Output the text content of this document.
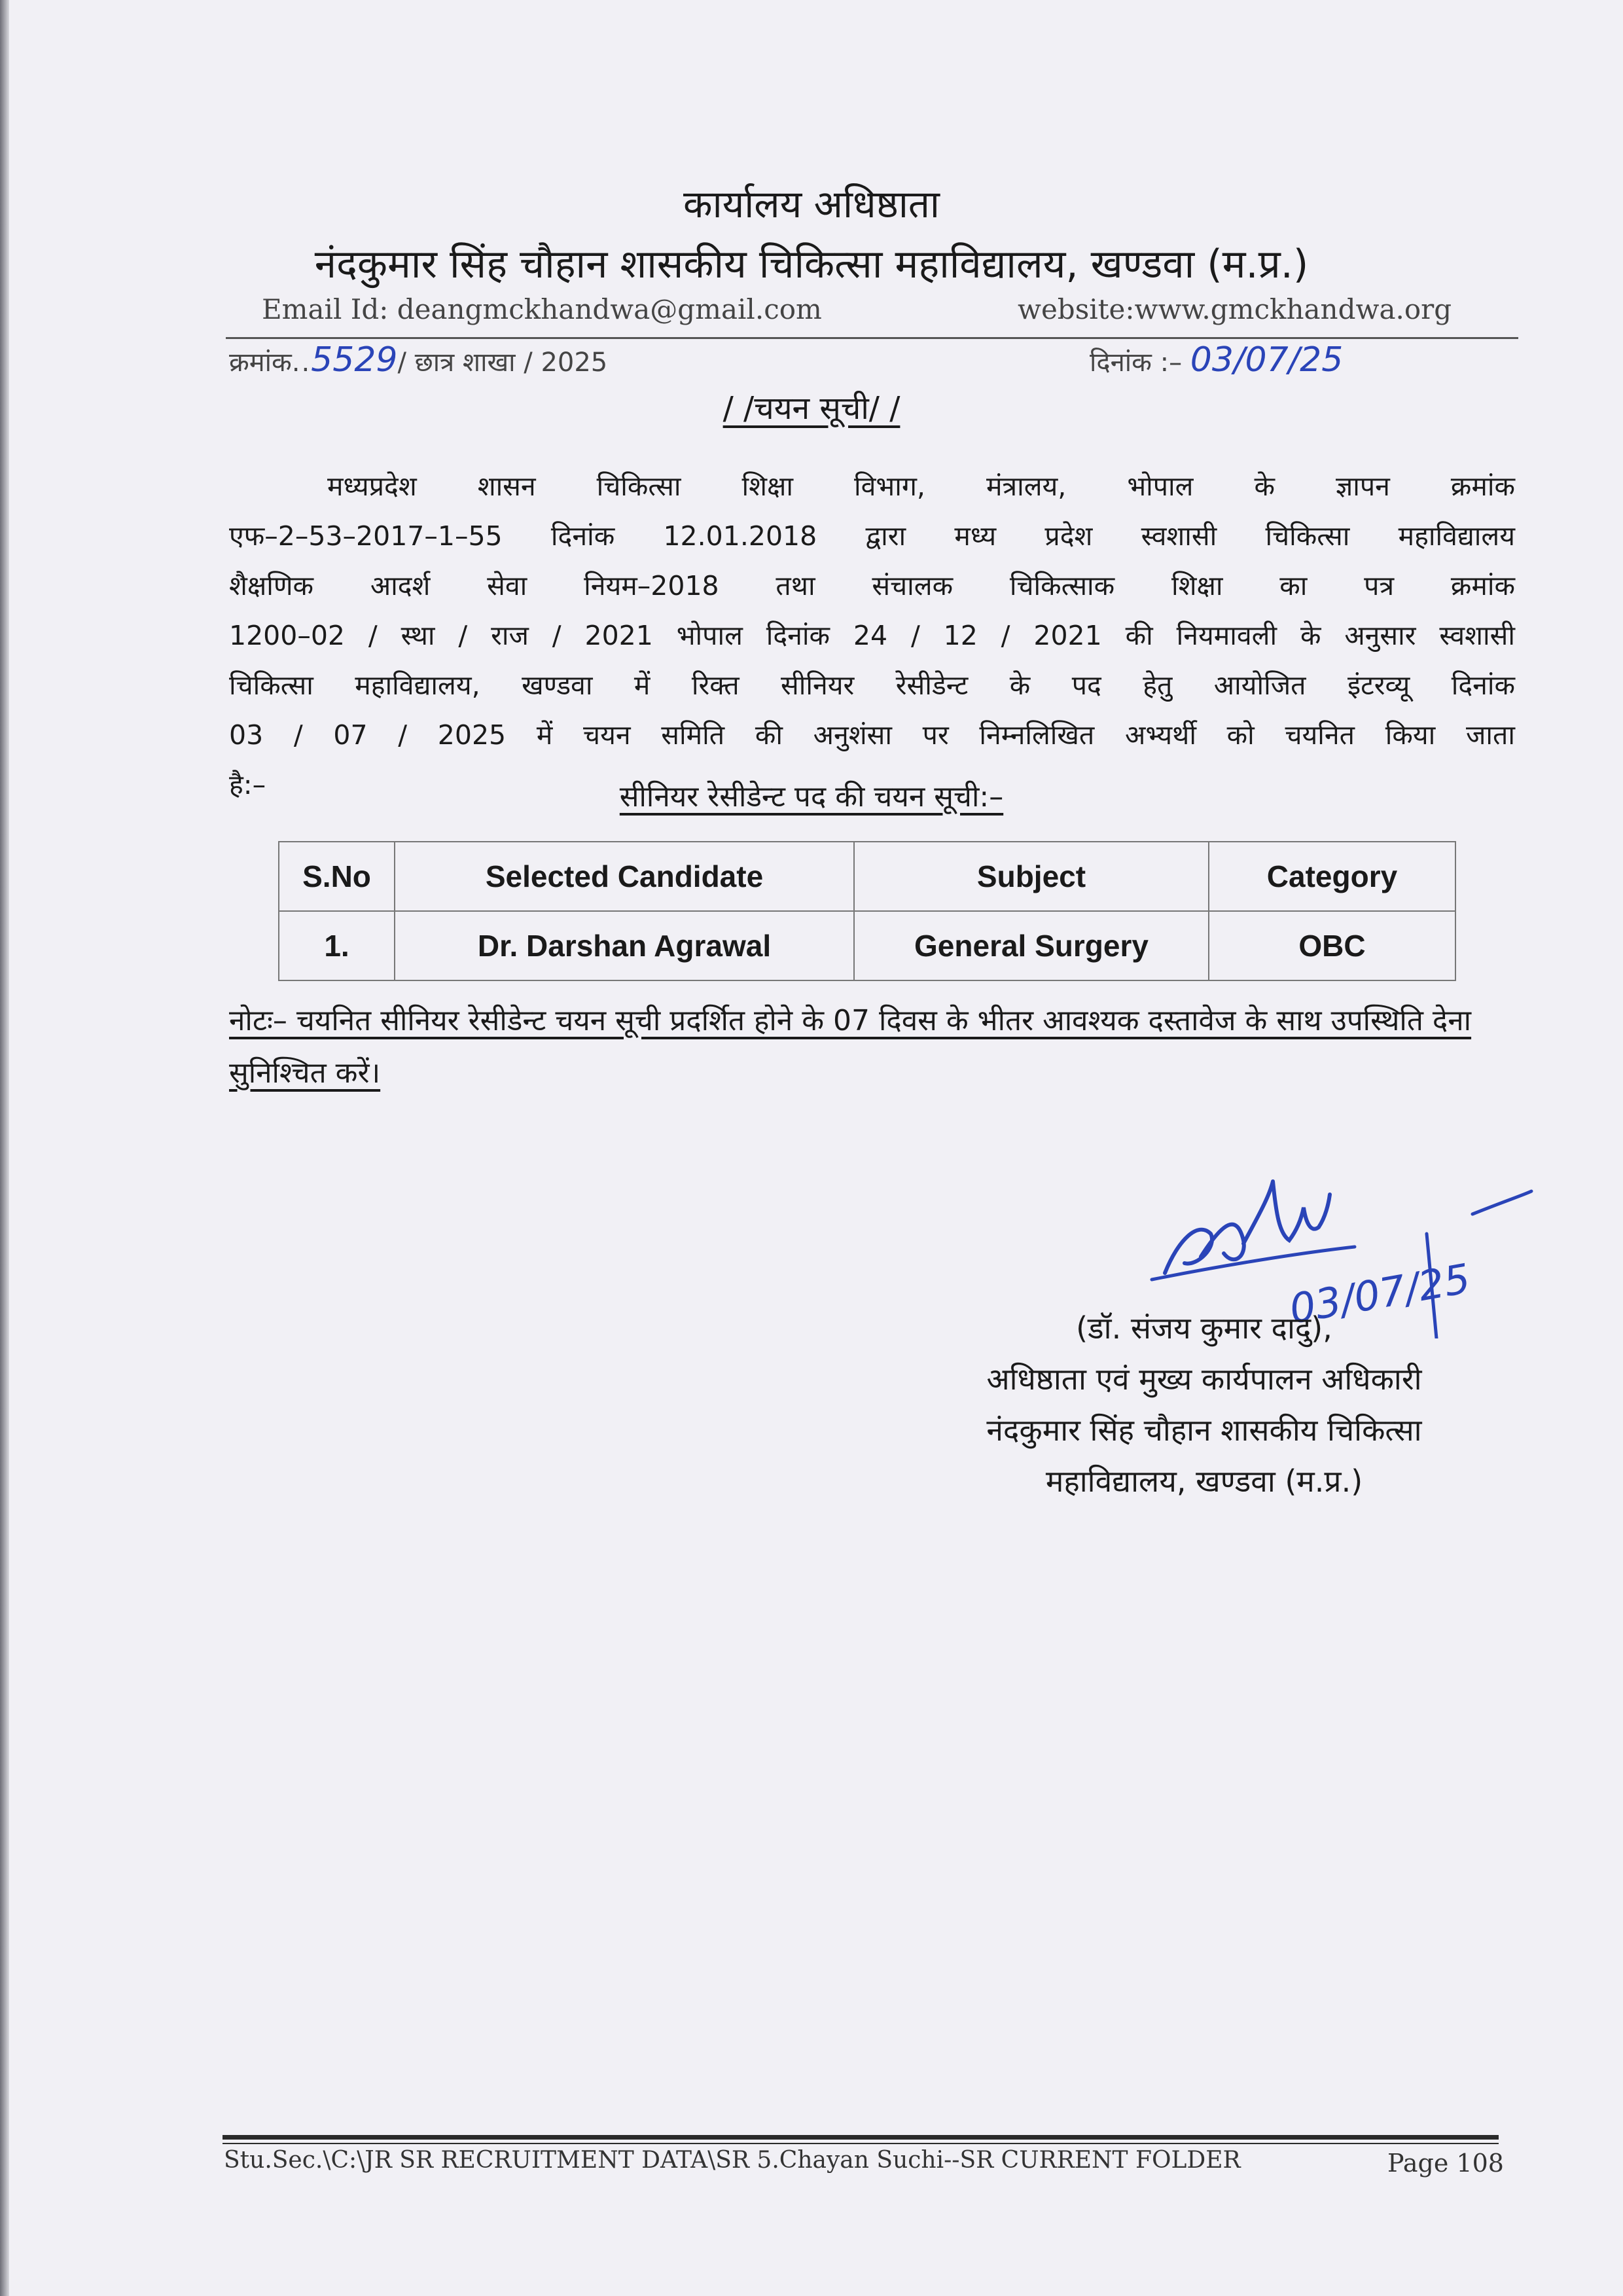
कार्यालय अधिष्ठाता
नंदकुमार सिंह चौहान शासकीय चिकित्सा महाविद्यालय, खण्डवा (म.प्र.)
Email Id: deangmckhandwa@gmail.com	website:www.gmckhandwa.org
क्रमांक..5529/ छात्र शाखा / 2025	दिनांक :– 03/07/25
/ /चयन सूची/ /
मध्यप्रदेश शासन चिकित्सा शिक्षा विभाग, मंत्रालय, भोपाल के ज्ञापन क्रमांक
एफ–2–53–2017–1–55 दिनांक 12.01.2018 द्वारा मध्य प्रदेश स्वशासी चिकित्सा महाविद्यालय
शैक्षणिक आदर्श सेवा नियम–2018 तथा संचालक चिकित्साक शिक्षा का पत्र क्रमांक
1200–02 / स्था / राज / 2021 भोपाल दिनांक 24 / 12 / 2021 की नियमावली के अनुसार स्वशासी
चिकित्सा महाविद्यालय, खण्डवा में रिक्त सीनियर रेसीडेन्ट के पद हेतु आयोजित इंटरव्यू दिनांक
03 / 07 / 2025 में चयन समिति की अनुशंसा पर निम्नलिखित अभ्यर्थी को चयनित किया जाता
है:–	सीनियर रेसीडेन्ट पद की चयन सूची:–
S.No	Selected Candidate	Subject	Category
1.	Dr. Darshan Agrawal	General Surgery	OBC
नोटः– चयनित सीनियर रेसीडेन्ट चयन सूची प्रदर्शित होने के 07 दिवस के भीतर आवश्यक दस्तावेज के साथ उपस्थिति देना सुनिश्चित करें।
03/07/25
(डॉ. संजय कुमार दादु),
अधिष्ठाता एवं मुख्य कार्यपालन अधिकारी
नंदकुमार सिंह चौहान शासकीय चिकित्सा
महाविद्यालय, खण्डवा (म.प्र.)
Stu.Sec.\C:\JR SR RECRUITMENT DATA\SR 5.Chayan Suchi--SR CURRENT FOLDER	Page 108
